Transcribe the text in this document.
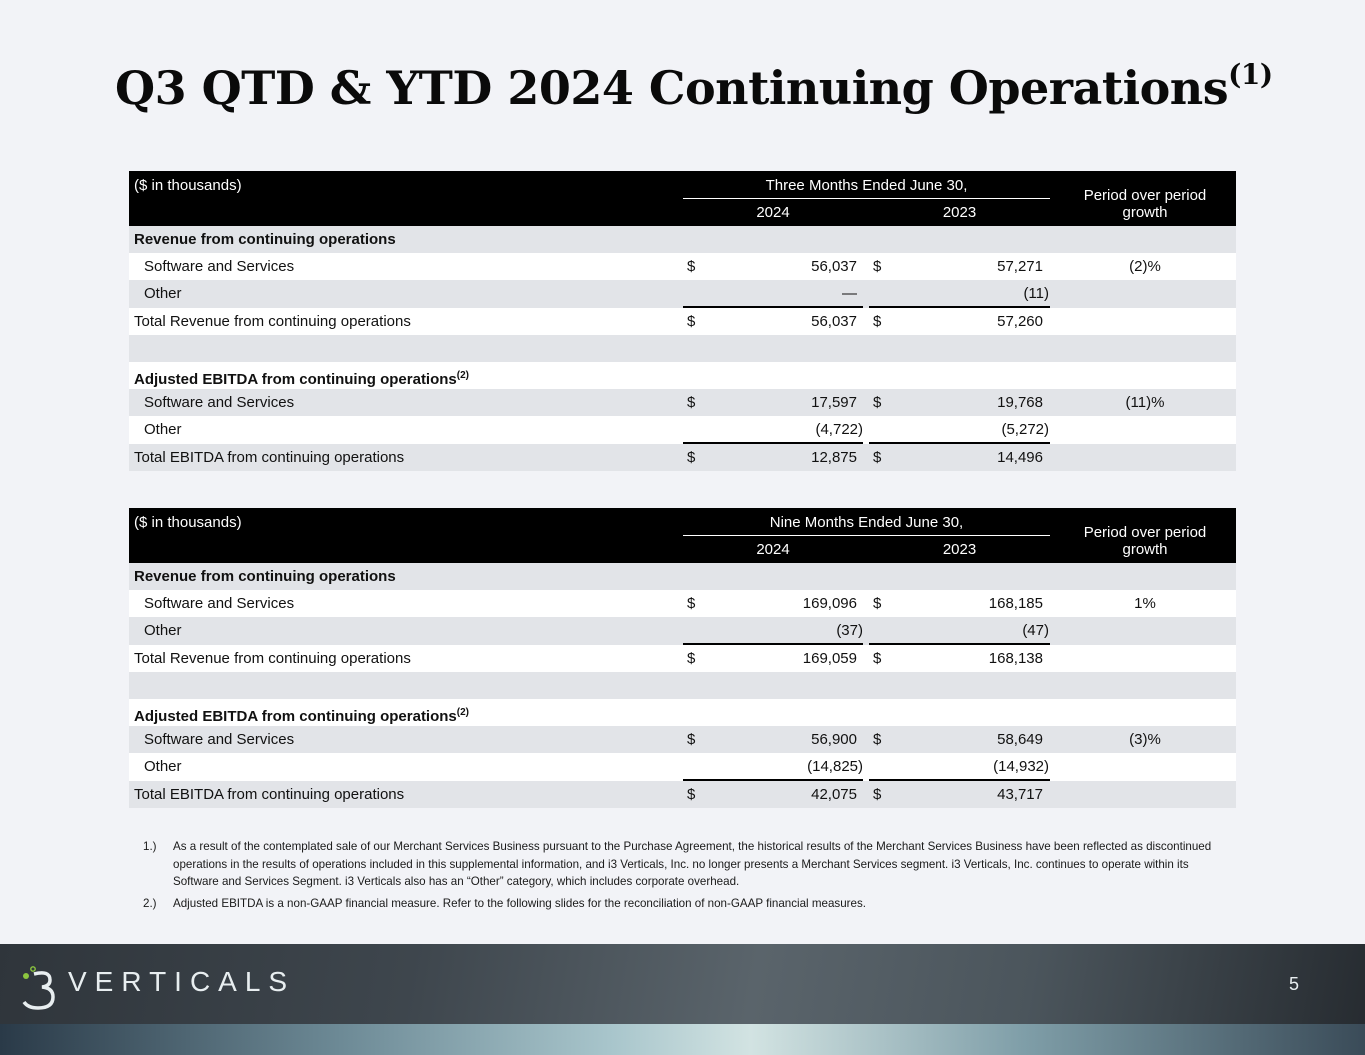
Q3 QTD & YTD 2024 Continuing Operations$^{(1)}$
($ in thousands)	Three Months Ended June 30,
2024	2023
Period over period growth
Revenue from continuing operations
Software and Services	$	56,037 $	57,271	(2)%
Other	—	(11)
Total Revenue from continuing operations	$	56,037 $	57,260
Adjusted EBITDA from continuing operations$^{(2)}$
Software and Services	$	17,597 $	19,768	(11)%
Other	(4,722)	(5,272)
Total EBITDA from continuing operations	$	12,875 $	14,496
($ in thousands)	Nine Months Ended June 30,
2024	2023
Period over period growth
Revenue from continuing operations
Software and Services	$	169,096 $	168,185	1%
Other	(37)	(47)
Total Revenue from continuing operations	$	169,059 $	168,138
Adjusted EBITDA from continuing operations$^{(2)}$
Software and Services	$	56,900 $	58,649	(3)%
Other	(14,825)	(14,932)
Total EBITDA from continuing operations	$	42,075 $	43,717
1.) As a result of the contemplated sale of our Merchant Services Business pursuant to the Purchase Agreement, the historical results of the Merchant Services Business have been reflected as discontinued operations in the results of operations included in this supplemental information, and i3 Verticals, Inc. no longer presents a Merchant Services segment. i3 Verticals, Inc. continues to operate within its Software and Services Segment. i3 Verticals also has an “Other” category, which includes corporate overhead.
2.) Adjusted EBITDA is a non-GAAP financial measure. Refer to the following slides for the reconciliation of non-GAAP financial measures.
VERTICALS	5
